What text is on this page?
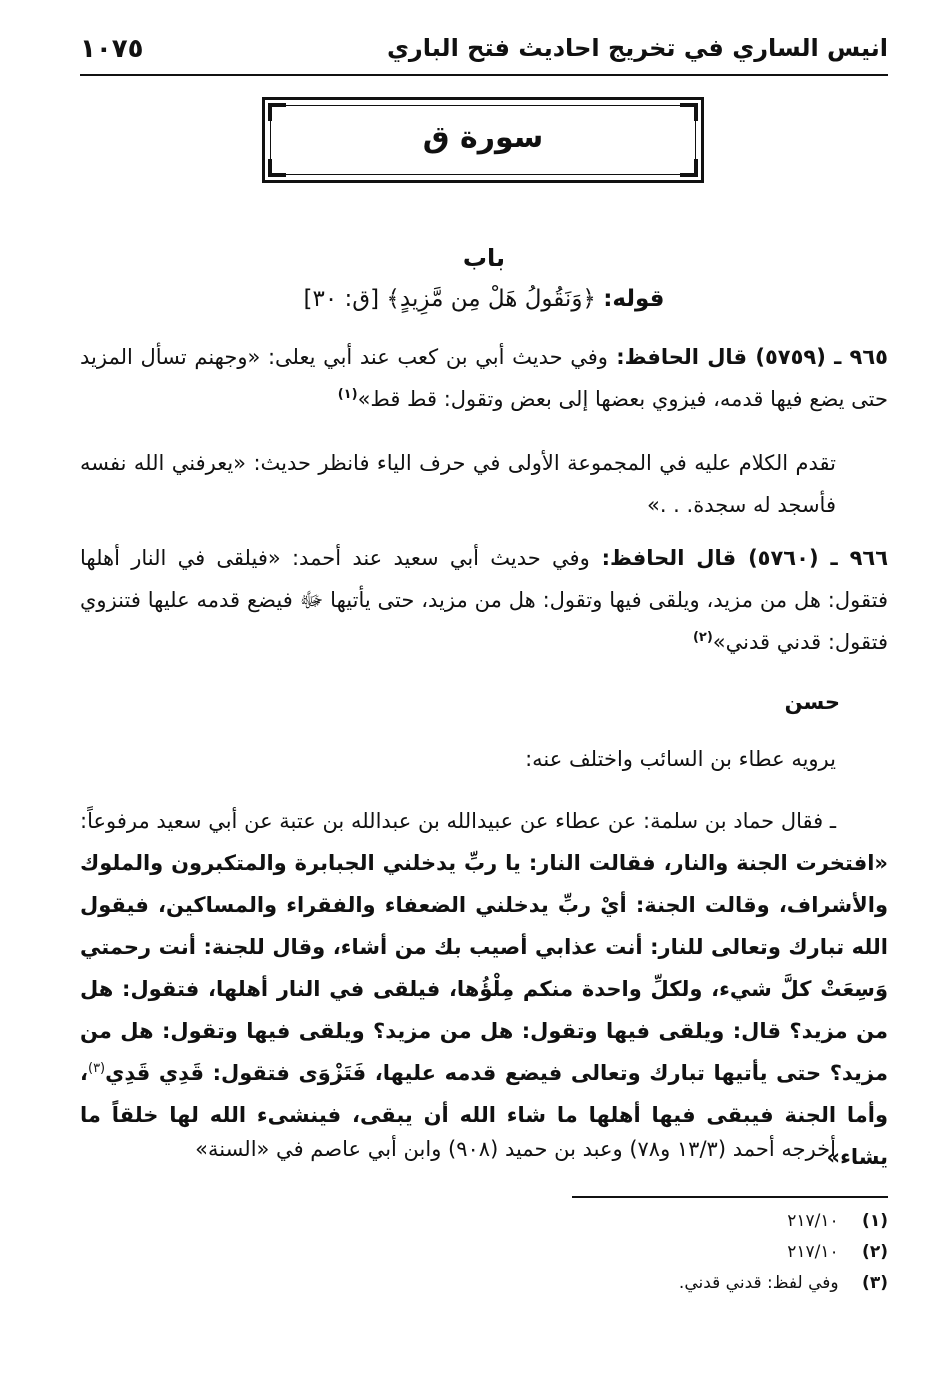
انيس الساري في تخريج احاديث فتح الباري
١٠٧٥
سورة ق
باب
قوله: ﴿وَنَقُولُ هَلْ مِن مَّزِيدٍ﴾ [ق: ٣٠]
٩٦٥ ـ (٥٧٥٩) قال الحافظ: وفي حديث أبي بن كعب عند أبي يعلى: «وجهنم تسأل المزيد حتى يضع فيها قدمه، فيزوي بعضها إلى بعض وتقول: قط قط»$^{(١)}$
تقدم الكلام عليه في المجموعة الأولى في حرف الياء فانظر حديث: «يعرفني الله نفسه فأسجد له سجدة. . .»
٩٦٦ ـ (٥٧٦٠) قال الحافظ: وفي حديث أبي سعيد عند أحمد: «فيلقى في النار أهلها فتقول: هل من مزيد، ويلقى فيها وتقول: هل من مزيد، حتى يأتيها ﷻ فيضع قدمه عليها فتنزوي فتقول: قدني قدني»$^{(٢)}$
حسن
يرويه عطاء بن السائب واختلف عنه:
ـ فقال حماد بن سلمة: عن عطاء عن عبيدالله بن عبدالله بن عتبة عن أبي سعيد مرفوعاً: «افتخرت الجنة والنار، فقالت النار: يا ربِّ يدخلني الجبابرة والمتكبرون والملوك والأشراف، وقالت الجنة: أيْ ربِّ يدخلني الضعفاء والفقراء والمساكين، فيقول الله تبارك وتعالى للنار: أنت عذابي أصيب بك من أشاء، وقال للجنة: أنت رحمتي وَسِعَتْ كلَّ شيء، ولكلِّ واحدة منكم مِلْؤُها، فيلقى في النار أهلها، فتقول: هل من مزيد؟ قال: ويلقى فيها وتقول: هل من مزيد؟ ويلقى فيها وتقول: هل من مزيد؟ حتى يأتيها تبارك وتعالى فيضع قدمه عليها، فَتَزْوَى فتقول: قَدِي قَدِي$^{(٣)}$، وأما الجنة فيبقى فيها أهلها ما شاء الله أن يبقى، فينشىء الله لها خلقاً ما يشاء»
أخرجه أحمد (١٣/٣ و٧٨) وعبد بن حميد (٩٠٨) وابن أبي عاصم في «السنة»
(١) ٢١٧/١٠
(٢) ٢١٧/١٠
(٣) وفي لفظ: قدني قدني.
